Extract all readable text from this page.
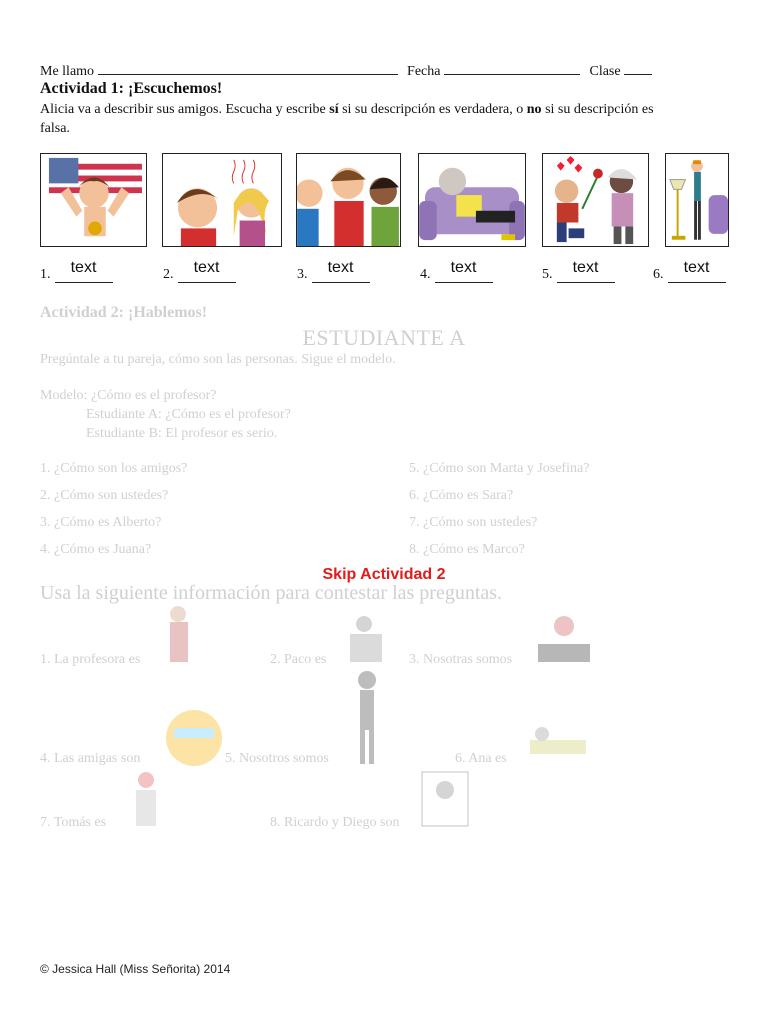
Me llamo	Fecha	Clase
Actividad 1: ¡Escuchemos!
Alicia va a describir sus amigos. Escucha y escribe sí si su descripción es verdadera, o no si su descripción es falsa.
1.	text	2.	text	3.	text	4.	text	5.	text	6.	text
Actividad 2: ¡Hablemos!
ESTUDIANTE A
Pregúntale a tu pareja, cómo son las personas. Sigue el modelo.
Modelo: ¿Cómo es el profesor?
Estudiante A: ¿Cómo es el profesor?
Estudiante B: El profesor es serio.
1. ¿Cómo son los amigos?
2. ¿Cómo son ustedes?
3. ¿Cómo es Alberto?
4. ¿Cómo es Juana?
5. ¿Cómo son Marta y Josefina?
6. ¿Cómo es Sara?
7. ¿Cómo son ustedes?
8. ¿Cómo es Marco?
Usa la siguiente información para contestar las preguntas.
Skip Actividad 2
1. La profesora es	2. Paco es	3. Nosotras somos
4. Las amigas son	5. Nosotros somos	6. Ana es
7. Tomás es	8. Ricardo y Diego son
© Jessica Hall (Miss Señorita) 2014
